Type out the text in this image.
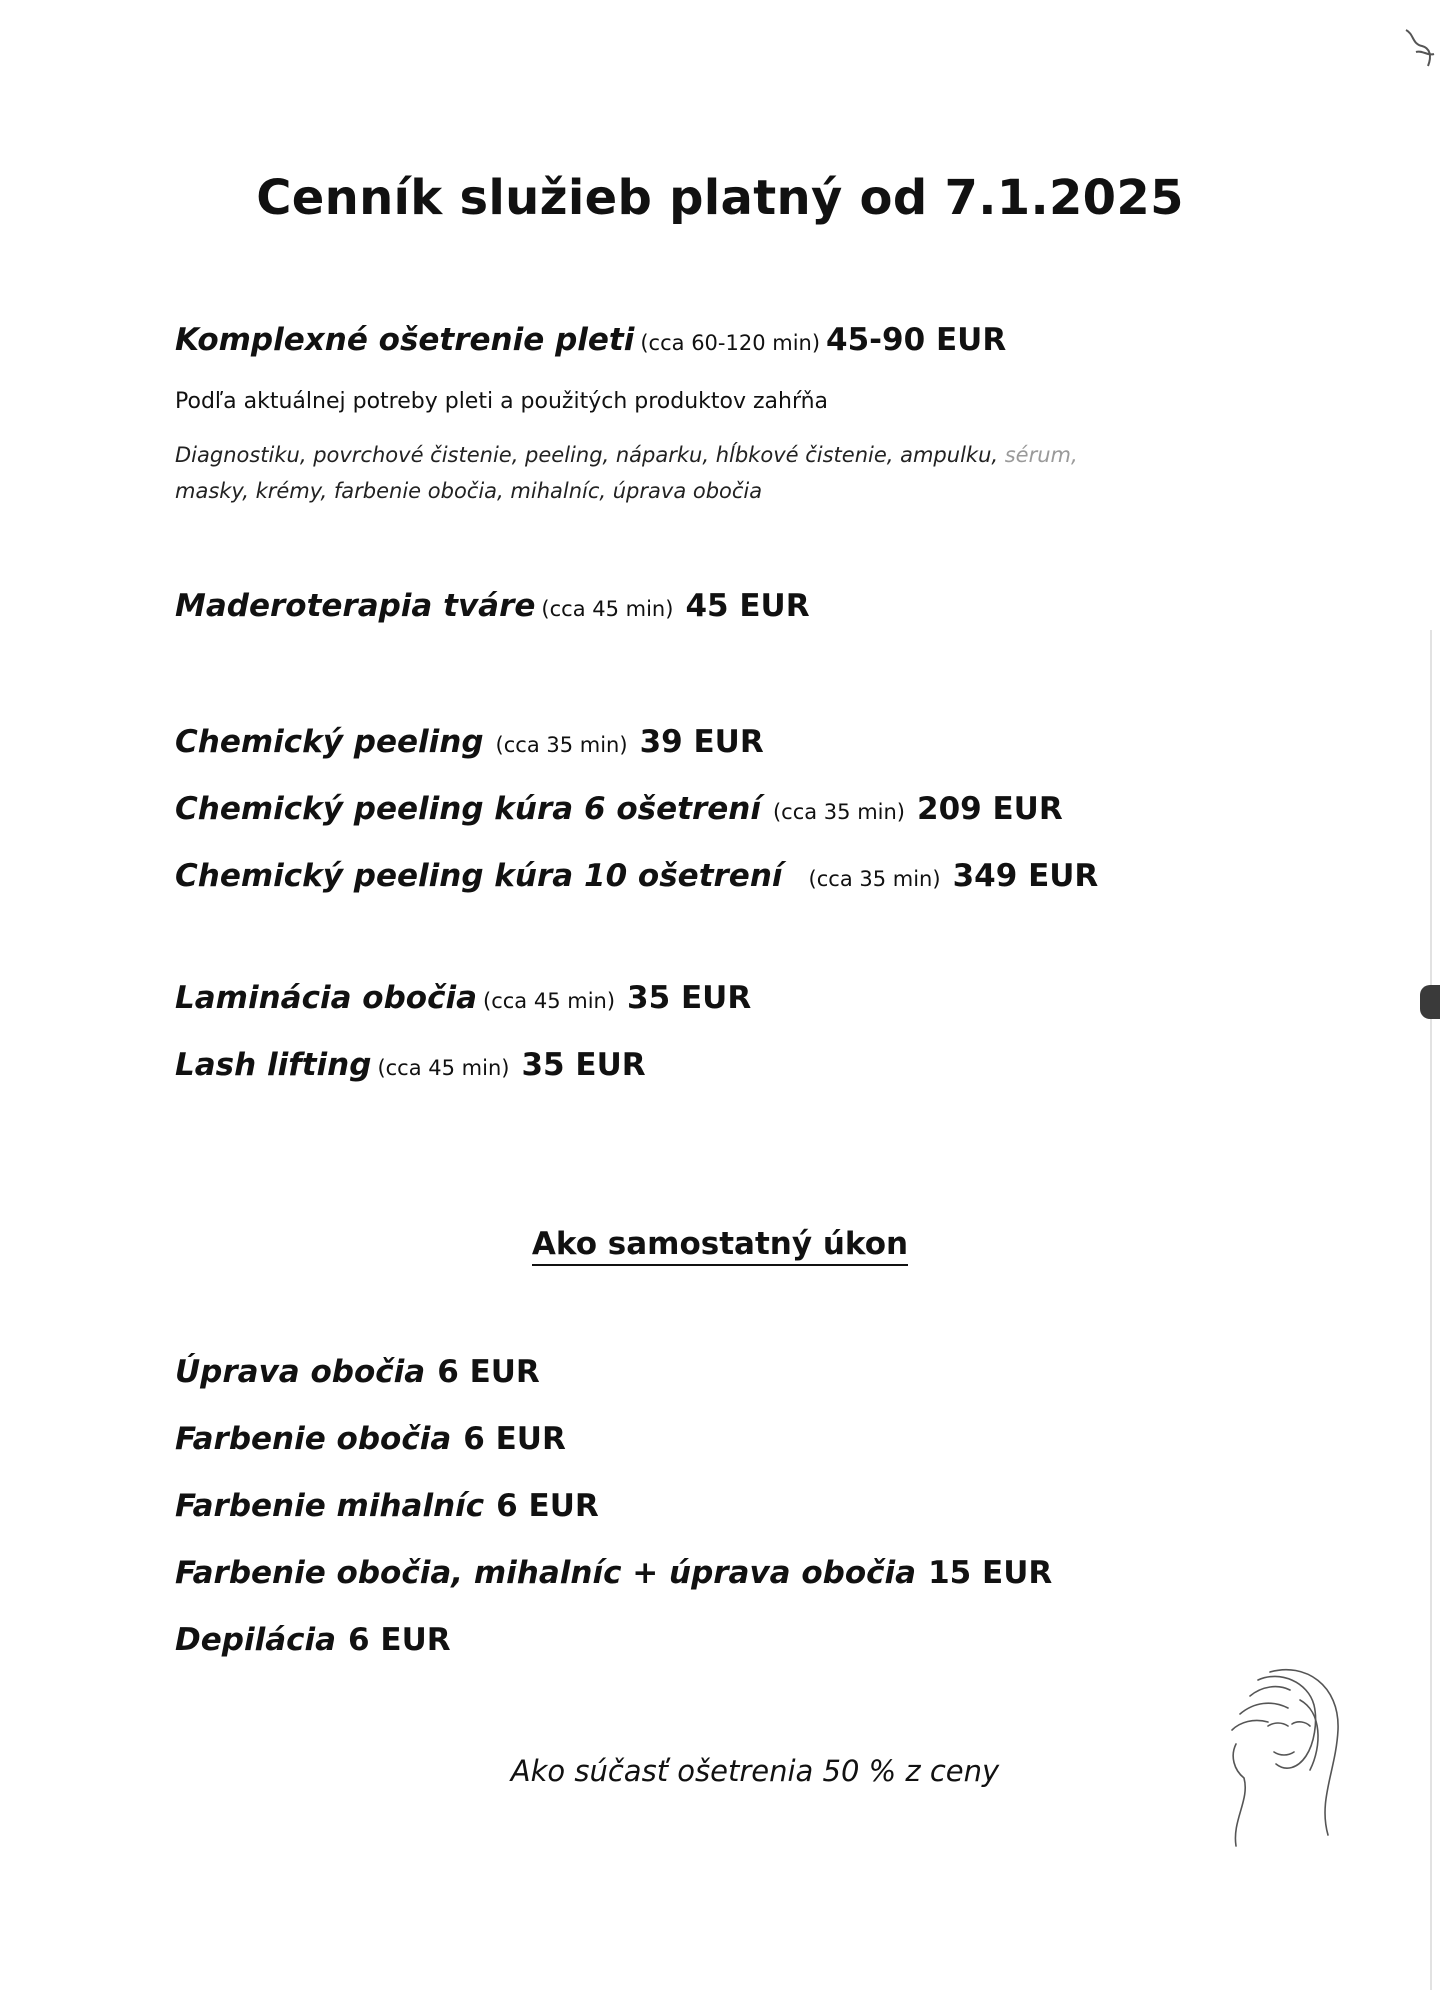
Cenník služieb platný od 7.1.2025
Komplexné ošetrenie pleti (cca 60-120 min) 45-90 EUR
Podľa aktuálnej potreby pleti a použitých produktov zahŕňa
Diagnostiku, povrchové čistenie, peeling, náparku, hĺbkové čistenie, ampulku, sérum,
masky, krémy, farbenie obočia, mihalníc, úprava obočia
Maderoterapia tváre (cca 45 min) 45 EUR
Chemický peeling (cca 35 min) 39 EUR
Chemický peeling kúra 6 ošetrení (cca 35 min) 209 EUR
Chemický peeling kúra 10 ošetrení (cca 35 min) 349 EUR
Laminácia obočia (cca 45 min) 35 EUR
Lash lifting (cca 45 min) 35 EUR
Ako samostatný úkon
Úprava obočia 6 EUR
Farbenie obočia 6 EUR
Farbenie mihalníc 6 EUR
Farbenie obočia, mihalníc + úprava obočia 15 EUR
Depilácia 6 EUR
Ako súčasť ošetrenia 50 % z ceny
